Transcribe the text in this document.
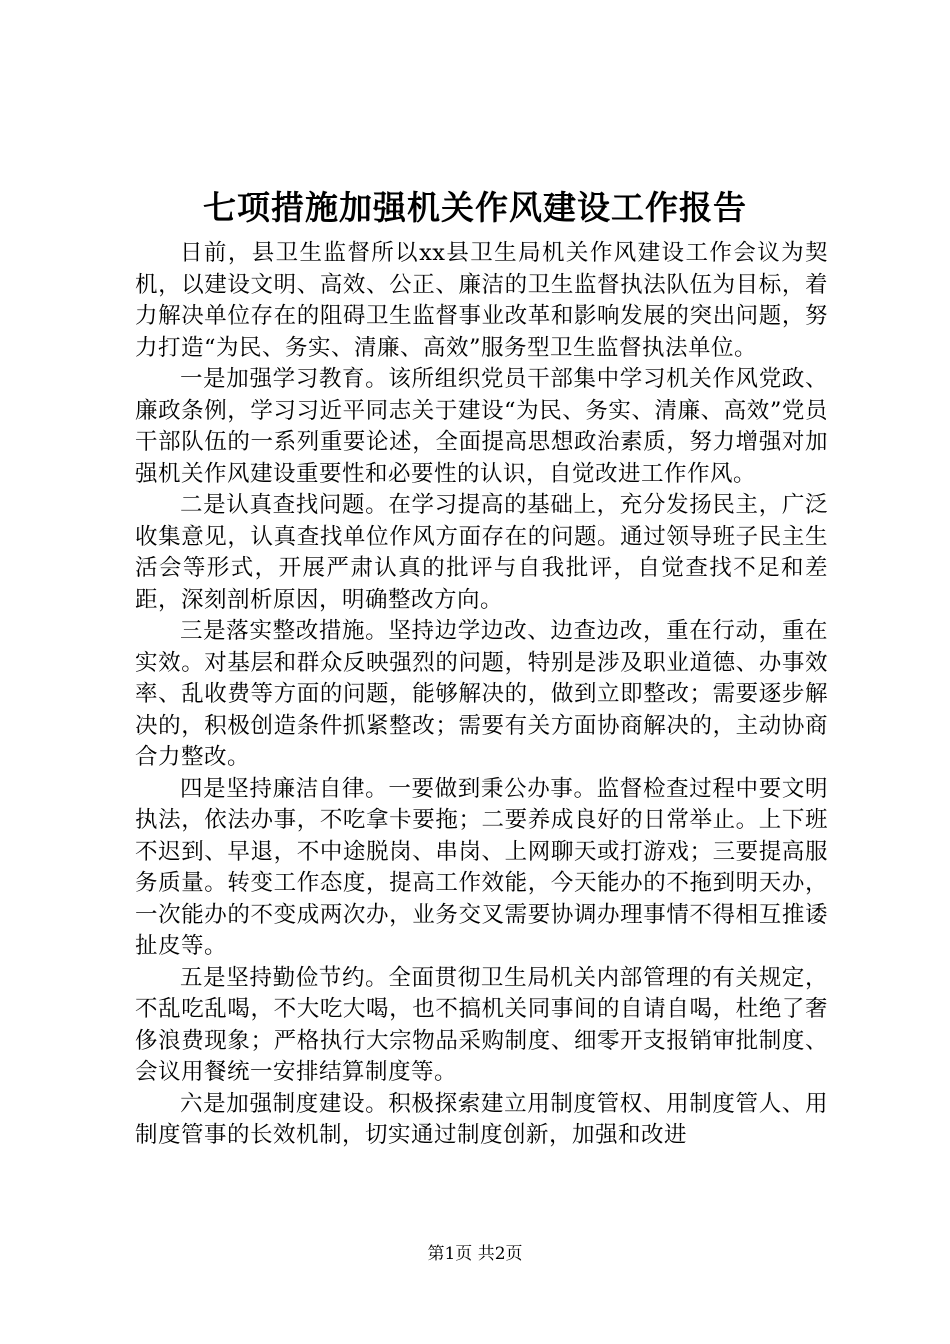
七项措施加强机关作风建设工作报告

日前，县卫生监督所以xx县卫生局机关作风建设工作会议为契机，以建设文明、高效、公正、廉洁的卫生监督执法队伍为目标，着力解决单位存在的阻碍卫生监督事业改革和影响发展的突出问题，努力打造“为民、务实、清廉、高效”服务型卫生监督执法单位。

一是加强学习教育。该所组织党员干部集中学习机关作风党政、廉政条例，学习习近平同志关于建设“为民、务实、清廉、高效”党员干部队伍的一系列重要论述，全面提高思想政治素质，努力增强对加强机关作风建设重要性和必要性的认识，自觉改进工作作风。

二是认真查找问题。在学习提高的基础上，充分发扬民主，广泛收集意见，认真查找单位作风方面存在的问题。通过领导班子民主生活会等形式，开展严肃认真的批评与自我批评，自觉查找不足和差距，深刻剖析原因，明确整改方向。

三是落实整改措施。坚持边学边改、边查边改，重在行动，重在实效。对基层和群众反映强烈的问题，特别是涉及职业道德、办事效率、乱收费等方面的问题，能够解决的，做到立即整改；需要逐步解决的，积极创造条件抓紧整改；需要有关方面协商解决的，主动协商合力整改。

四是坚持廉洁自律。一要做到秉公办事。监督检查过程中要文明执法，依法办事，不吃拿卡要拖；二要养成良好的日常举止。上下班不迟到、早退，不中途脱岗、串岗、上网聊天或打游戏；三要提高服务质量。转变工作态度，提高工作效能，今天能办的不拖到明天办，一次能办的不变成两次办，业务交叉需要协调办理事情不得相互推诿扯皮等。

五是坚持勤俭节约。全面贯彻卫生局机关内部管理的有关规定，不乱吃乱喝，不大吃大喝，也不搞机关同事间的自请自喝，杜绝了奢侈浪费现象；严格执行大宗物品采购制度、细零开支报销审批制度、会议用餐统一安排结算制度等。

六是加强制度建设。积极探索建立用制度管权、用制度管人、用制度管事的长效机制，切实通过制度创新，加强和改进

第1页 共2页
